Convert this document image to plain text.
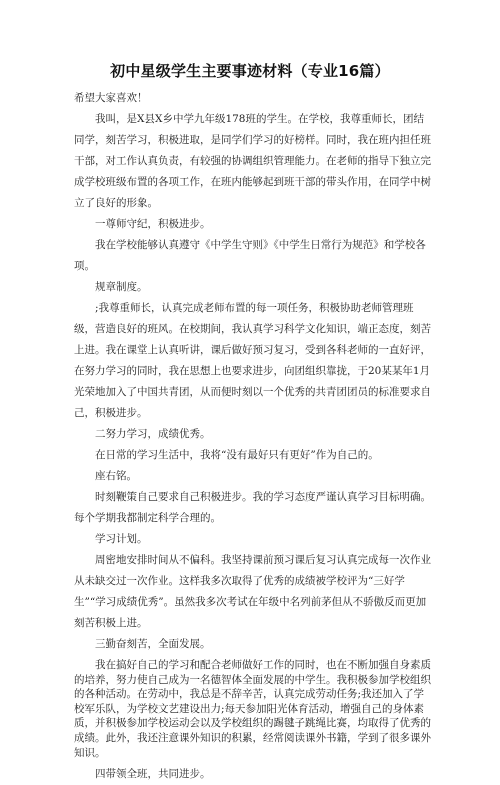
初中星级学生主要事迹材料（专业16篇）

希望大家喜欢！

我叫，是X县X乡中学九年级178班的学生。在学校，我尊重师长，团结同学，刻苦学习，积极进取，是同学们学习的好榜样。同时，我在班内担任班干部，对工作认真负责，有较强的协调组织管理能力。在老师的指导下独立完成学校班级布置的各项工作，在班内能够起到班干部的带头作用，在同学中树立了良好的形象。

一尊师守纪，积极进步。

我在学校能够认真遵守《中学生守则》《中学生日常行为规范》和学校各项。

规章制度。

;我尊重师长，认真完成老师布置的每一项任务，积极协助老师管理班级，营造良好的班风。在校期间，我认真学习科学文化知识，端正态度，刻苦上进。我在课堂上认真听讲，课后做好预习复习，受到各科老师的一直好评，在努力学习的同时，我在思想上也要求进步，向团组织靠拢，于20某某年1月光荣地加入了中国共青团，从而便时刻以一个优秀的共青团团员的标准要求自己，积极进步。

二努力学习，成绩优秀。

在日常的学习生活中，我将“没有最好只有更好”作为自己的。

座右铭。

时刻鞭策自己要求自己积极进步。我的学习态度严谨认真学习目标明确。每个学期我都制定科学合理的。

学习计划。

周密地安排时间从不偏科。我坚持课前预习课后复习认真完成每一次作业从未缺交过一次作业。这样我多次取得了优秀的成绩被学校评为“三好学生”“学习成绩优秀”。虽然我多次考试在年级中名列前茅但从不骄傲反而更加刻苦积极上进。

三勤奋刻苦，全面发展。

我在搞好自己的学习和配合老师做好工作的同时，也在不断加强自身素质的培养，努力使自己成为一名德智体全面发展的中学生。我积极参加学校组织的各种活动。在劳动中，我总是不辞辛苦，认真完成劳动任务;我还加入了学校军乐队，为学校文艺建设出力;每天参加阳光体育活动，增强自己的身体素质，并积极参加学校运动会以及学校组织的踢毽子跳绳比赛，均取得了优秀的成绩。此外，我还注意课外知识的积累，经常阅读课外书籍，学到了很多课外知识。

四带领全班，共同进步。
